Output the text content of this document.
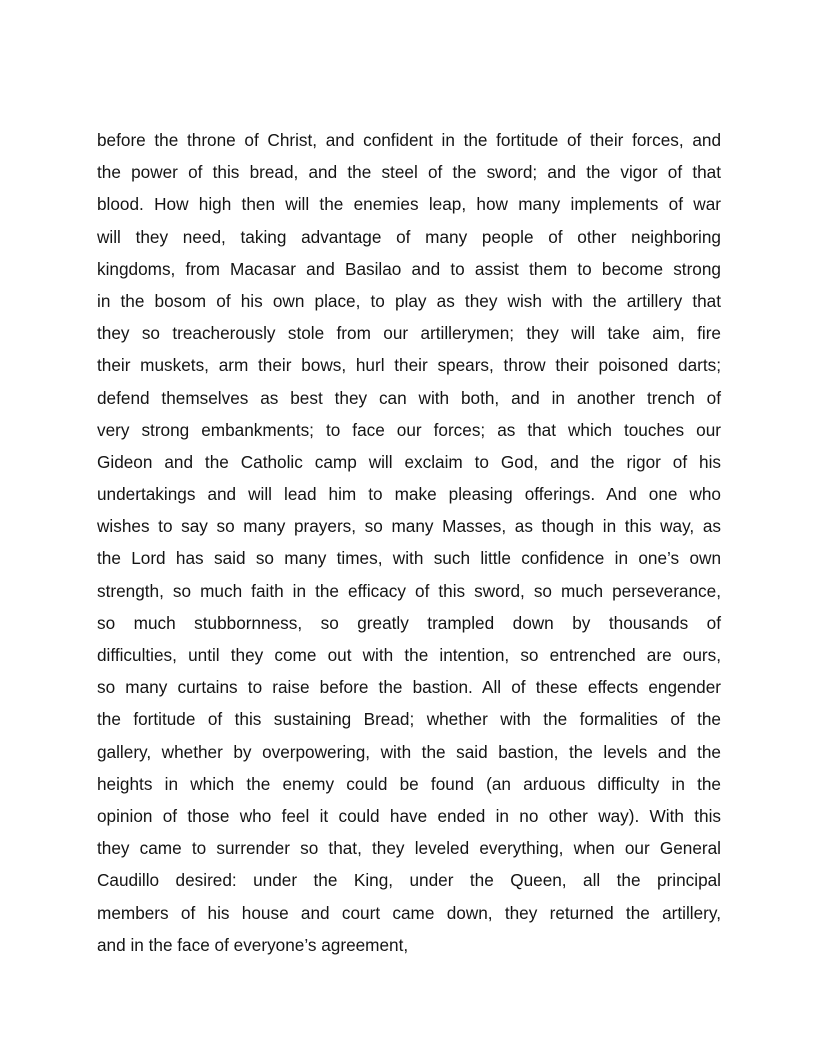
before the throne of Christ, and confident in the fortitude of their forces, and
the power of this bread, and the steel of the sword; and the vigor of that
blood. How high then will the enemies leap, how many implements of war
will they need, taking advantage of many people of other neighboring
kingdoms, from Macasar and Basilao and to assist them to become strong
in the bosom of his own place, to play as they wish with the artillery that
they so treacherously stole from our artillerymen; they will take aim, fire
their muskets, arm their bows, hurl their spears, throw their poisoned darts;
defend themselves as best they can with both, and in another trench of
very strong embankments; to face our forces; as that which touches our
Gideon and the Catholic camp will exclaim to God, and the rigor of his
undertakings and will lead him to make pleasing offerings. And one who
wishes to say so many prayers, so many Masses, as though in this way, as
the Lord has said so many times, with such little confidence in one’s own
strength, so much faith in the efficacy of this sword, so much perseverance,
so much stubbornness, so greatly trampled down by thousands of
difficulties, until they come out with the intention, so entrenched are ours,
so many curtains to raise before the bastion. All of these effects engender
the fortitude of this sustaining Bread; whether with the formalities of the
gallery, whether by overpowering, with the said bastion, the levels and the
heights in which the enemy could be found (an arduous difficulty in the
opinion of those who feel it could have ended in no other way). With this
they came to surrender so that, they leveled everything, when our General
Caudillo desired: under the King, under the Queen, all the principal
members of his house and court came down, they returned the artillery,
and in the face of everyone’s agreement,
